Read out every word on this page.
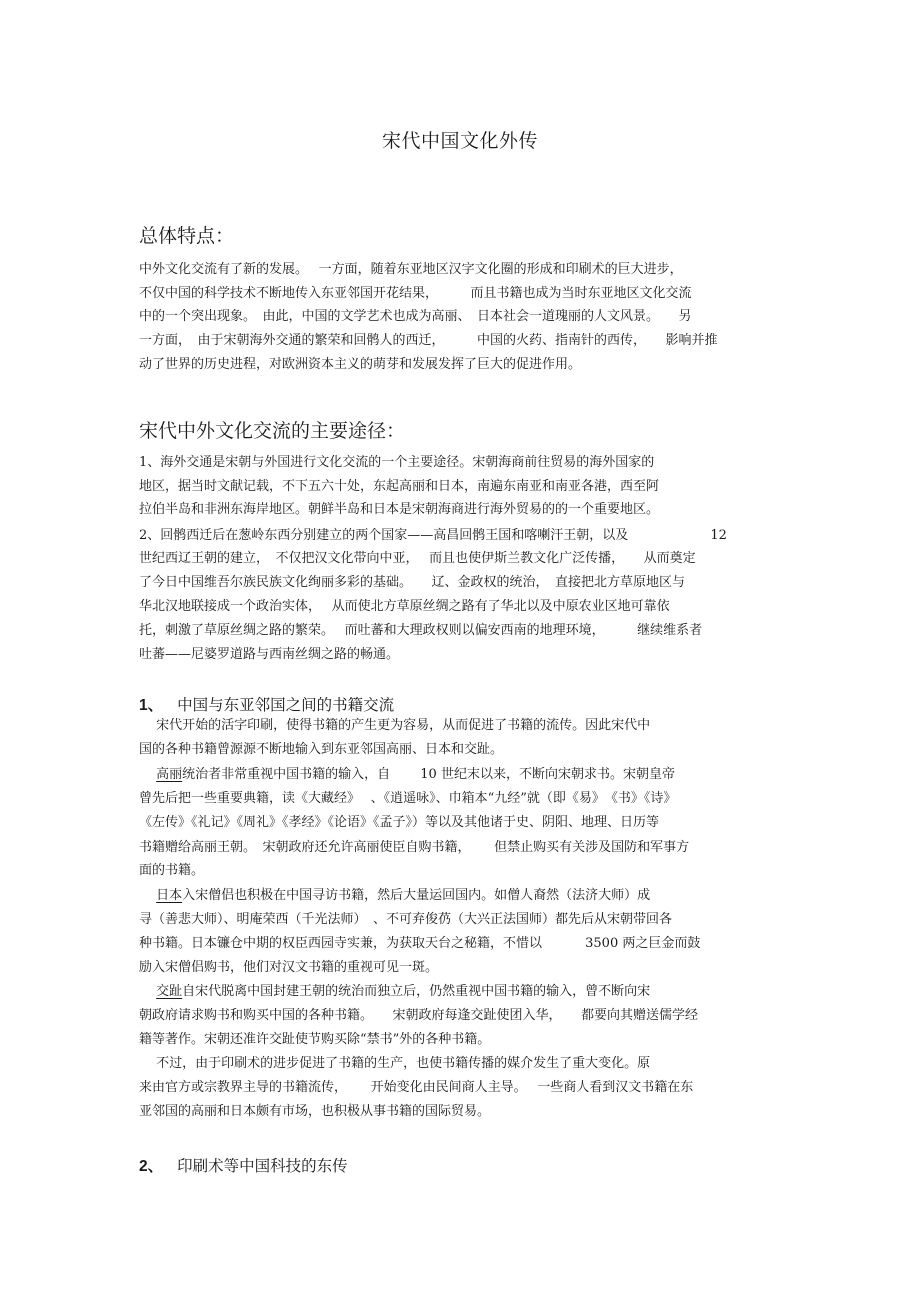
宋代中国文化外传
总体特点：
中外文化交流有了新的发展。　 一方面，随着东亚地区汉字文化圈的形成和印刷术的巨大进步，
不仅中国的科学技术不断地传入东亚邻国开花结果，　　　而且书籍也成为当时东亚地区文化交流
中的一个突出现象。　由此，中国的文学艺术也成为高丽、　日本社会一道瑰丽的人文风景。　　另
一方面，　由于宋朝海外交通的繁荣和回鹘人的西迁，　　　中国的火药、指南针的西传，　　影响并推
动了世界的历史进程，对欧洲资本主义的萌芽和发展发挥了巨大的促进作用。
宋代中外文化交流的主要途径：
1、海外交通是宋朝与外国进行文化交流的一个主要途径。宋朝海商前往贸易的海外国家的
地区，据当时文献记载，不下五六十处，东起高丽和日本，南遍东南亚和南亚各港，西至阿
拉伯半岛和非洲东海岸地区。朝鲜半岛和日本是宋朝海商进行海外贸易的的一个重要地区。
2、回鹘西迁后在葱岭东西分别建立的两个国家——高昌回鹘王国和喀喇汗王朝，以及　　　　　　 12
世纪西辽王朝的建立，　不仅把汉文化带向中亚，　 而且也使伊斯兰教文化广泛传播，　　从而奠定
了今日中国维吾尔族民族文化绚丽多彩的基础。　　辽、金政权的统治，　直接把北方草原地区与
华北汉地联接成一个政治实体，　 从而使北方草原丝绸之路有了华北以及中原农业区地可靠依
托，刺激了草原丝绸之路的繁荣。　 而吐蕃和大理政权则以偏安西南的地理环境，　　　继续维系者
吐蕃——尼婆罗道路与西南丝绸之路的畅通。
1、 中国与东亚邻国之间的书籍交流
　 宋代开始的活字印刷，使得书籍的产生更为容易，从而促进了书籍的流传。因此宋代中
国的各种书籍曾源源不断地输入到东亚邻国高丽、日本和交趾。
　 高丽统治者非常重视中国书籍的输入，自　　 10 世纪末以来，不断向宋朝求书。宋朝皇帝
曾先后把一些重要典籍，读《大藏经》　 、《逍遥咏》、巾箱本“九经”就（即《易》　《书》《诗》
《左传》《礼记》《周礼》《孝经》《论语》《孟子》）等以及其他诸于史、阴阳、地理、日历等
书籍赠给高丽王朝。　宋朝政府还允许高丽使臣自购书籍，　　 但禁止购买有关涉及国防和军事方
面的书籍。
　 日本入宋僧侣也积极在中国寻访书籍，然后大量运回国内。如僧人裔然（法济大师）成
寻（善悲大师）、明庵荣西（千光法师）　、不可弃俊芿（大兴正法国师）都先后从宋朝带回各
种书籍。日本镰仓中期的权臣西园寺实兼，为获取天台之秘籍，不惜以　　　 3500 两之巨金而鼓
励入宋僧侣购书，他们对汉文书籍的重视可见一斑。
　 交趾自宋代脱离中国封建王朝的统治而独立后，仍然重视中国书籍的输入，曾不断向宋
朝政府请求购书和购买中国的各种书籍。　　宋朝政府每逢交趾使团入华，　　都要向其赠送儒学经
籍等著作。宋朝还准许交趾使节购买除“禁书”外的各种书籍。
　 不过，由于印刷术的进步促进了书籍的生产，也使书籍传播的媒介发生了重大变化。原
来由官方或宗教界主导的书籍流传，　　 开始变化由民间商人主导。　 一些商人看到汉文书籍在东
亚邻国的高丽和日本颇有市场，也积极从事书籍的国际贸易。
2、 印刷术等中国科技的东传
